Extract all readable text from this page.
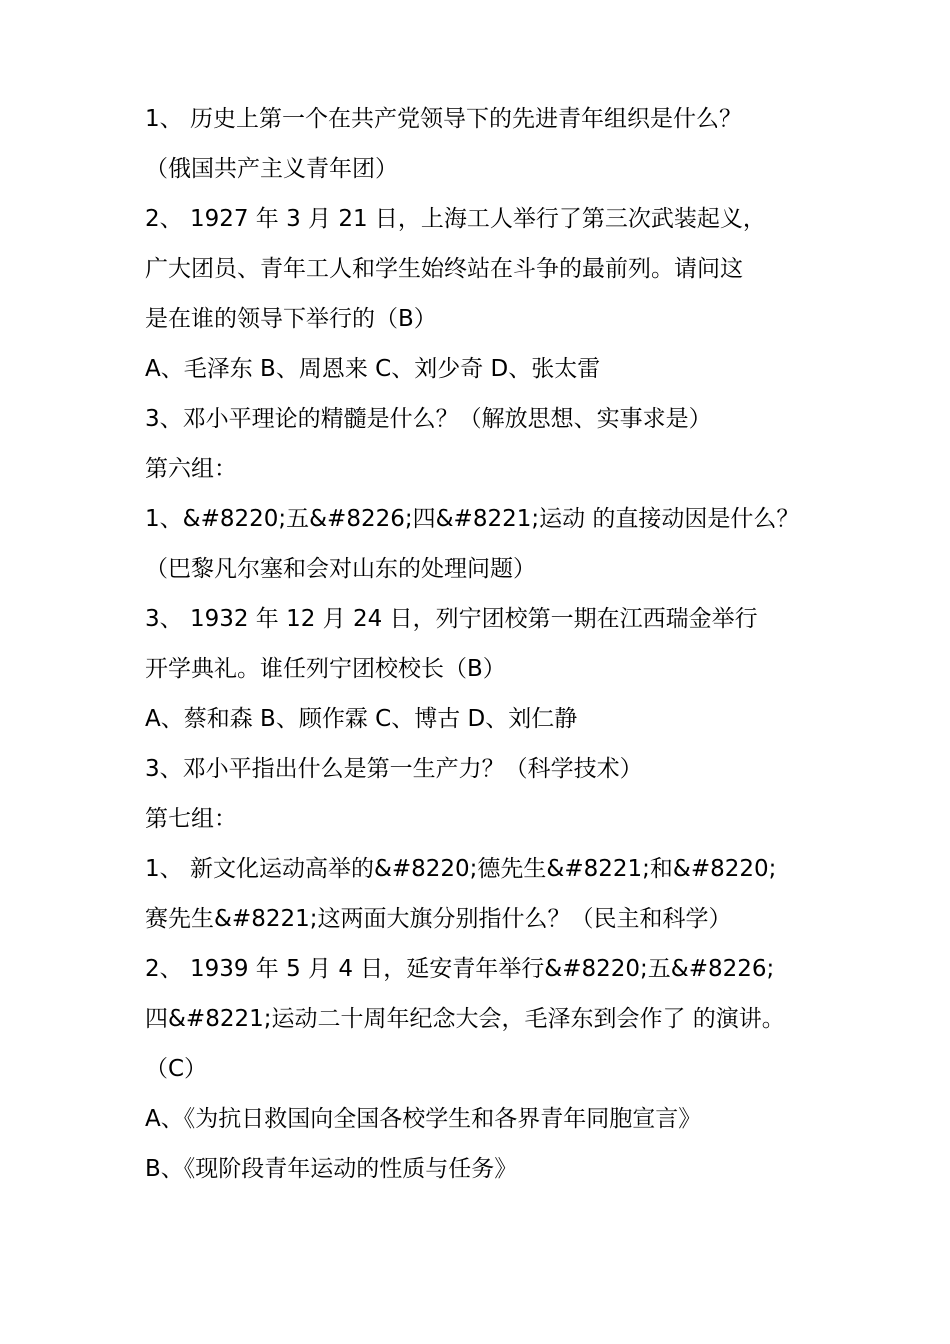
1、 历史上第一个在共产党领导下的先进青年组织是什么？
（俄国共产主义青年团）
2、 1927 年 3 月 21 日，上海工人举行了第三次武装起义，
广大团员、青年工人和学生始终站在斗争的最前列。请问这
是在谁的领导下举行的（B）
A、毛泽东 B、周恩来 C、刘少奇 D、张太雷
3、邓小平理论的精髓是什么？（解放思想、实事求是）
第六组：
1、&#8220;五&#8226;四&#8221;运动 的直接动因是什么？
（巴黎凡尔塞和会对山东的处理问题）
3、 1932 年 12 月 24 日，列宁团校第一期在江西瑞金举行
开学典礼。谁任列宁团校校长（B）
A、蔡和森 B、顾作霖 C、博古 D、刘仁静
3、邓小平指出什么是第一生产力？（科学技术）
第七组：
1、 新文化运动高举的&#8220;德先生&#8221;和&#8220;
赛先生&#8221;这两面大旗分别指什么？（民主和科学）
2、 1939 年 5 月 4 日，延安青年举行&#8220;五&#8226;
四&#8221;运动二十周年纪念大会，毛泽东到会作了 的演讲。
（C）
A、《为抗日救国向全国各校学生和各界青年同胞宣言》
B、《现阶段青年运动的性质与任务》
